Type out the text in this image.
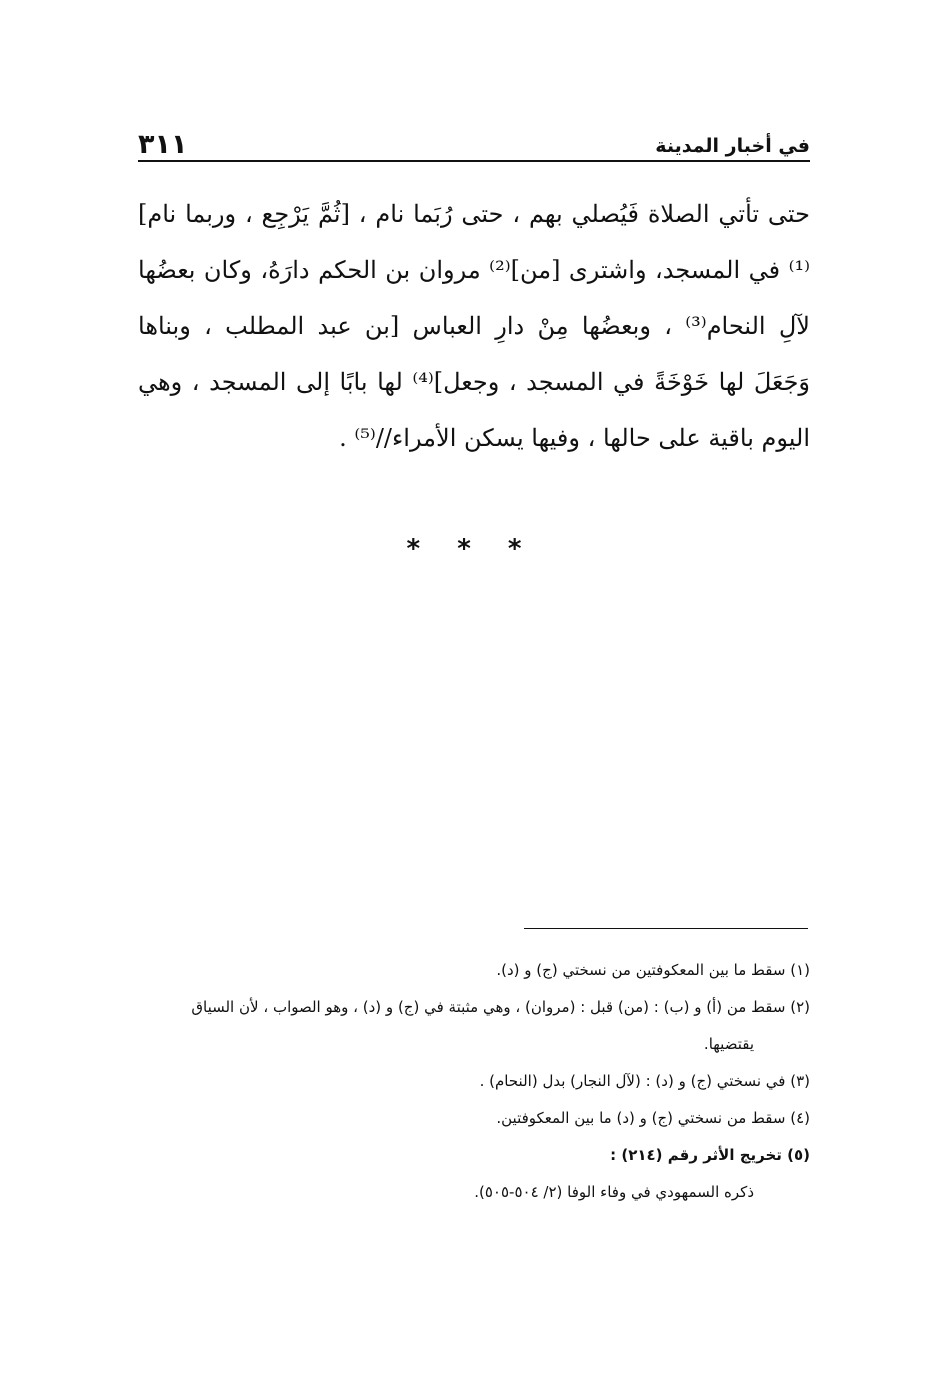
٣١١	في أخبار المدينة

حتى تأتي الصلاة فَيُصلي بهم ، حتى رُبَما نام ، [ثُمَّ يَرْجِع ، وربما نام]⁽¹⁾ في المسجد، واشترى [من]⁽²⁾ مروان بن الحكم دارَهُ، وكان بعضُها لآلِ النحام⁽³⁾ ، وبعضُها مِنْ دارِ العباس [بن عبد المطلب ، وبناها وَجَعَلَ لها خَوْخَةً في المسجد ، وجعل]⁽⁴⁾ لها بابًا إلى المسجد ، وهي اليوم باقية على حالها ، وفيها يسكن الأمراء//⁽⁵⁾ .

* * *

(١) سقط ما بين المعكوفتين من نسختي (ج) و (د).

(٢) سقط من (أ) و (ب) : (من) قبل : (مروان) ، وهي مثبتة في (ج) و (د) ، وهو الصواب ، لأن السياق

يقتضيها.

(٣) في نسختي (ج) و (د) : (لآل النجار) بدل (النحام) .

(٤) سقط من نسختي (ج) و (د) ما بين المعكوفتين.

(٥) تخريج الأثر رقم (٢١٤) :

ذكره السمهودي في وفاء الوفا (٢/ ٥٠٤-٥٠٥).
